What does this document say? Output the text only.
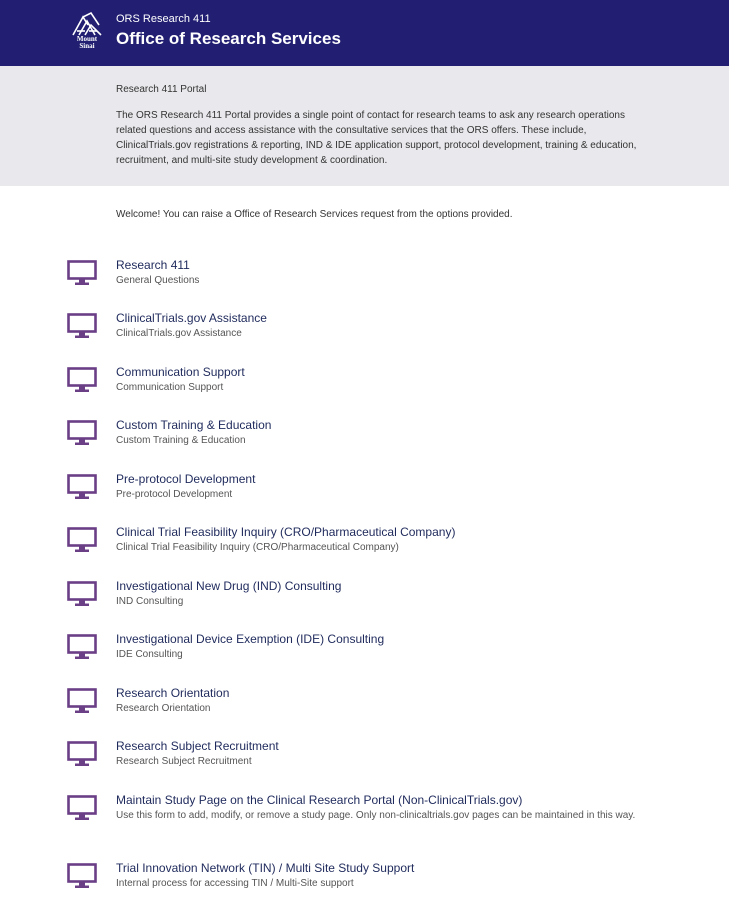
Mount
Sinai
ORS Research 411
Office of Research Services
Research 411 Portal
The ORS Research 411 Portal provides a single point of contact for research teams to ask any research operations related questions and access assistance with the consultative services that the ORS offers. These include, ClinicalTrials.gov registrations & reporting, IND & IDE application support, protocol development, training & education, recruitment, and multi-site study development & coordination.
Welcome! You can raise a Office of Research Services request from the options provided.
Research 411
General Questions
ClinicalTrials.gov Assistance
ClinicalTrials.gov Assistance
Communication Support
Communication Support
Custom Training & Education
Custom Training & Education
Pre-protocol Development
Pre-protocol Development
Clinical Trial Feasibility Inquiry (CRO/Pharmaceutical Company)
Clinical Trial Feasibility Inquiry (CRO/Pharmaceutical Company)
Investigational New Drug (IND) Consulting
IND Consulting
Investigational Device Exemption (IDE) Consulting
IDE Consulting
Research Orientation
Research Orientation
Research Subject Recruitment
Research Subject Recruitment
Maintain Study Page on the Clinical Research Portal (Non-ClinicalTrials.gov)
Use this form to add, modify, or remove a study page. Only non-clinicaltrials.gov pages can be maintained in this way.
Trial Innovation Network (TIN) / Multi Site Study Support
Internal process for accessing TIN / Multi-Site support
